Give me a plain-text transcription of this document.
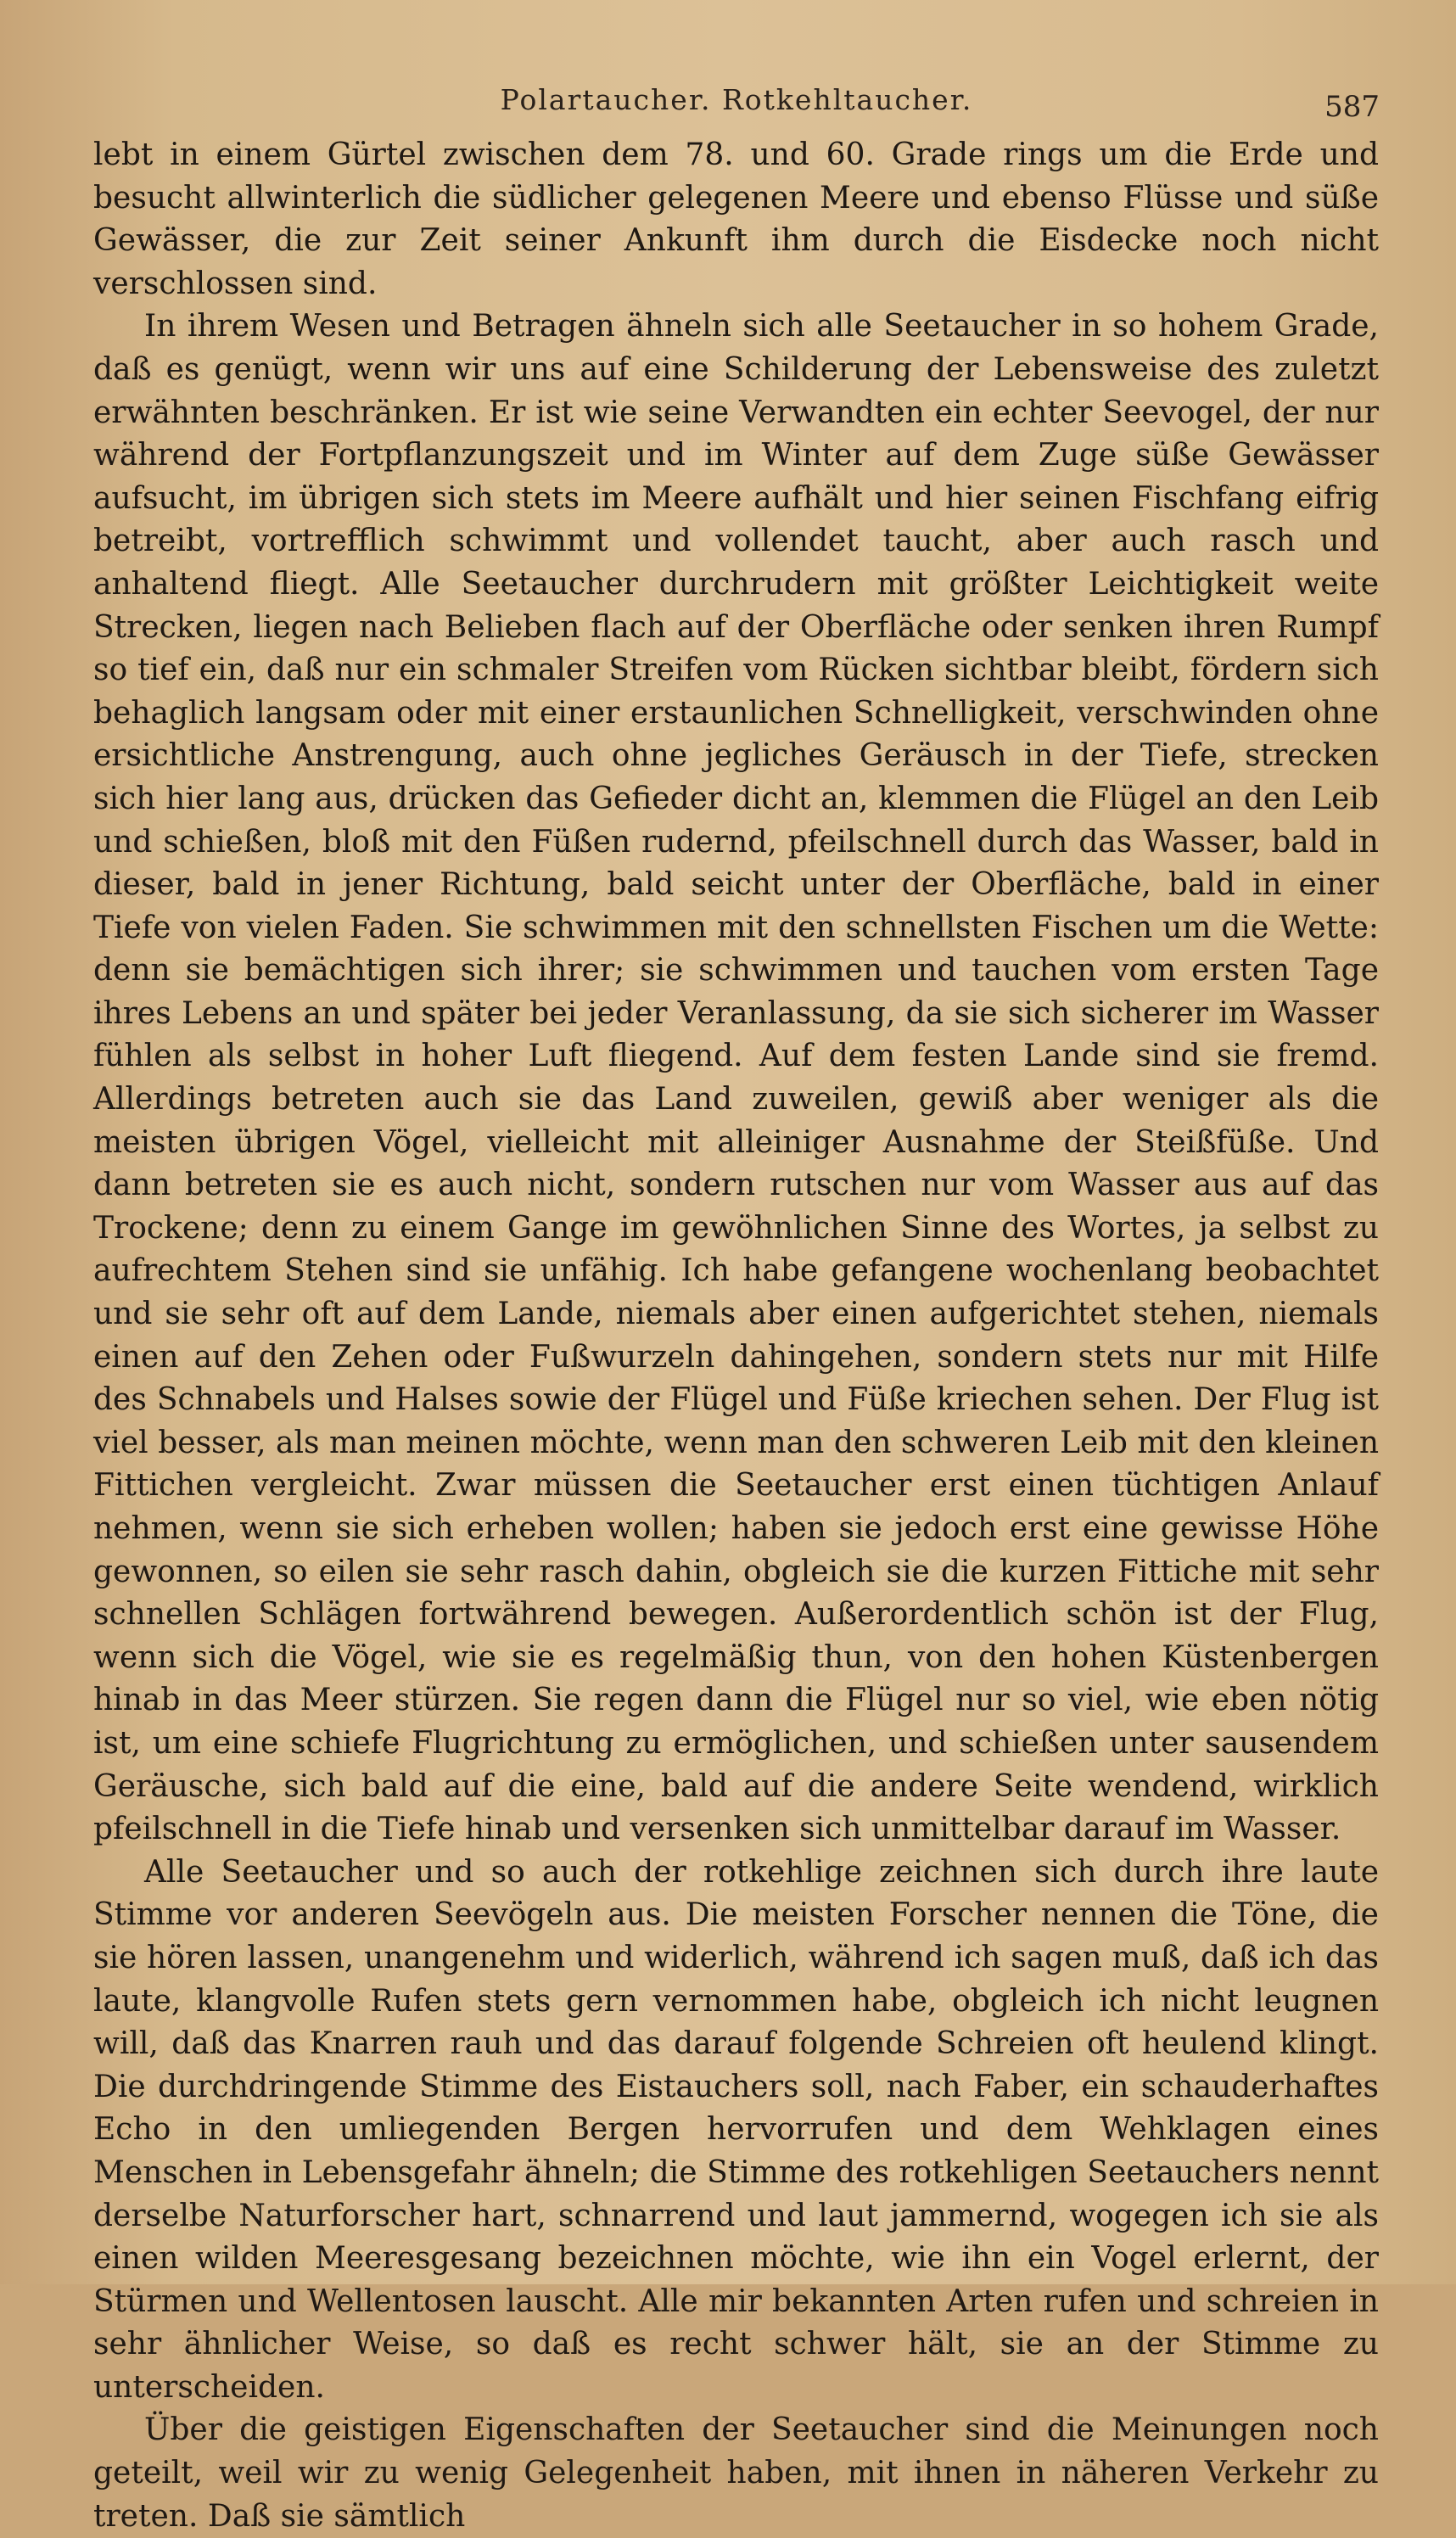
Polartaucher. Rotkehltaucher.	587

lebt in einem Gürtel zwischen dem 78. und 60. Grade rings um die Erde und besucht allwinterlich die südlicher gelegenen Meere und ebenso Flüsse und süße Gewässer, die zur Zeit seiner Ankunft ihm durch die Eisdecke noch nicht verschlossen sind.

In ihrem Wesen und Betragen ähneln sich alle Seetaucher in so hohem Grade, daß es genügt, wenn wir uns auf eine Schilderung der Lebensweise des zuletzt erwähnten beschränken. Er ist wie seine Verwandten ein echter Seevogel, der nur während der Fortpflanzungszeit und im Winter auf dem Zuge süße Gewässer aufsucht, im übrigen sich stets im Meere aufhält und hier seinen Fischfang eifrig betreibt, vortrefflich schwimmt und vollendet taucht, aber auch rasch und anhaltend fliegt. Alle Seetaucher durchrudern mit größter Leichtigkeit weite Strecken, liegen nach Belieben flach auf der Oberfläche oder senken ihren Rumpf so tief ein, daß nur ein schmaler Streifen vom Rücken sichtbar bleibt, fördern sich behaglich langsam oder mit einer erstaunlichen Schnelligkeit, verschwinden ohne ersichtliche Anstrengung, auch ohne jegliches Geräusch in der Tiefe, strecken sich hier lang aus, drücken das Gefieder dicht an, klemmen die Flügel an den Leib und schießen, bloß mit den Füßen rudernd, pfeilschnell durch das Wasser, bald in dieser, bald in jener Richtung, bald seicht unter der Oberfläche, bald in einer Tiefe von vielen Faden. Sie schwimmen mit den schnellsten Fischen um die Wette: denn sie bemächtigen sich ihrer; sie schwimmen und tauchen vom ersten Tage ihres Lebens an und später bei jeder Veranlassung, da sie sich sicherer im Wasser fühlen als selbst in hoher Luft fliegend. Auf dem festen Lande sind sie fremd. Allerdings betreten auch sie das Land zuweilen, gewiß aber weniger als die meisten übrigen Vögel, vielleicht mit alleiniger Ausnahme der Steißfüße. Und dann betreten sie es auch nicht, sondern rutschen nur vom Wasser aus auf das Trockene; denn zu einem Gange im gewöhnlichen Sinne des Wortes, ja selbst zu aufrechtem Stehen sind sie unfähig. Ich habe gefangene wochenlang beobachtet und sie sehr oft auf dem Lande, niemals aber einen aufgerichtet stehen, niemals einen auf den Zehen oder Fußwurzeln dahingehen, sondern stets nur mit Hilfe des Schnabels und Halses sowie der Flügel und Füße kriechen sehen. Der Flug ist viel besser, als man meinen möchte, wenn man den schweren Leib mit den kleinen Fittichen vergleicht. Zwar müssen die Seetaucher erst einen tüchtigen Anlauf nehmen, wenn sie sich erheben wollen; haben sie jedoch erst eine gewisse Höhe gewonnen, so eilen sie sehr rasch dahin, obgleich sie die kurzen Fittiche mit sehr schnellen Schlägen fortwährend bewegen. Außerordentlich schön ist der Flug, wenn sich die Vögel, wie sie es regelmäßig thun, von den hohen Küstenbergen hinab in das Meer stürzen. Sie regen dann die Flügel nur so viel, wie eben nötig ist, um eine schiefe Flugrichtung zu ermöglichen, und schießen unter sausendem Geräusche, sich bald auf die eine, bald auf die andere Seite wendend, wirklich pfeilschnell in die Tiefe hinab und versenken sich unmittelbar darauf im Wasser.

Alle Seetaucher und so auch der rotkehlige zeichnen sich durch ihre laute Stimme vor anderen Seevögeln aus. Die meisten Forscher nennen die Töne, die sie hören lassen, unangenehm und widerlich, während ich sagen muß, daß ich das laute, klangvolle Rufen stets gern vernommen habe, obgleich ich nicht leugnen will, daß das Knarren rauh und das darauf folgende Schreien oft heulend klingt. Die durchdringende Stimme des Eistauchers soll, nach Faber, ein schauderhaftes Echo in den umliegenden Bergen hervorrufen und dem Wehklagen eines Menschen in Lebensgefahr ähneln; die Stimme des rotkehligen Seetauchers nennt derselbe Naturforscher hart, schnarrend und laut jammernd, wogegen ich sie als einen wilden Meeresgesang bezeichnen möchte, wie ihn ein Vogel erlernt, der Stürmen und Wellentosen lauscht. Alle mir bekannten Arten rufen und schreien in sehr ähnlicher Weise, so daß es recht schwer hält, sie an der Stimme zu unterscheiden.

Über die geistigen Eigenschaften der Seetaucher sind die Meinungen noch geteilt, weil wir zu wenig Gelegenheit haben, mit ihnen in näheren Verkehr zu treten. Daß sie sämtlich
